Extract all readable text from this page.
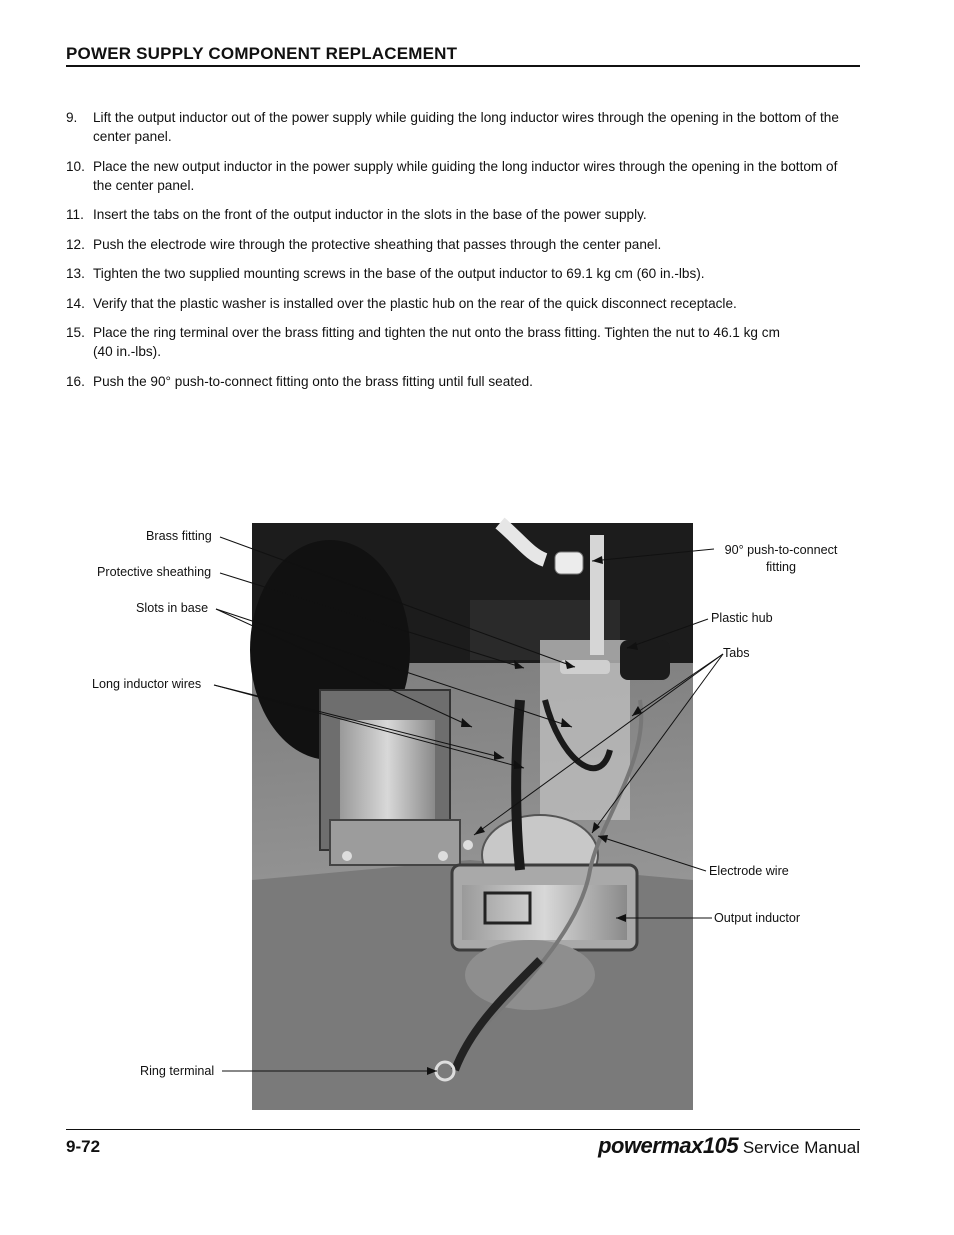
POWER SUPPLY COMPONENT REPLACEMENT
9.	Lift the output inductor out of the power supply while guiding the long inductor wires through the opening in the bottom of the center panel.
10. Place the new output inductor in the power supply while guiding the long inductor wires through the opening in the bottom of the center panel.
11. Insert the tabs on the front of the output inductor in the slots in the base of the power supply.
12. Push the electrode wire through the protective sheathing that passes through the center panel.
13. Tighten the two supplied mounting screws in the base of the output inductor to 69.1 kg cm (60 in.-lbs).
14. Verify that the plastic washer is installed over the plastic hub on the rear of the quick disconnect receptacle.
15. Place the ring terminal over the brass fitting and tighten the nut onto the brass fitting. Tighten the nut to 46.1 kg cm (40 in.-lbs).
16. Push the 90° push-to-connect fitting onto the brass fitting until full seated.
Brass fitting
Protective sheathing
Slots in base
Long inductor wires
Ring terminal
90° push-to-connect
fitting
Plastic hub
Tabs
Electrode wire
Output inductor
9-72	powermax105 Service Manual
